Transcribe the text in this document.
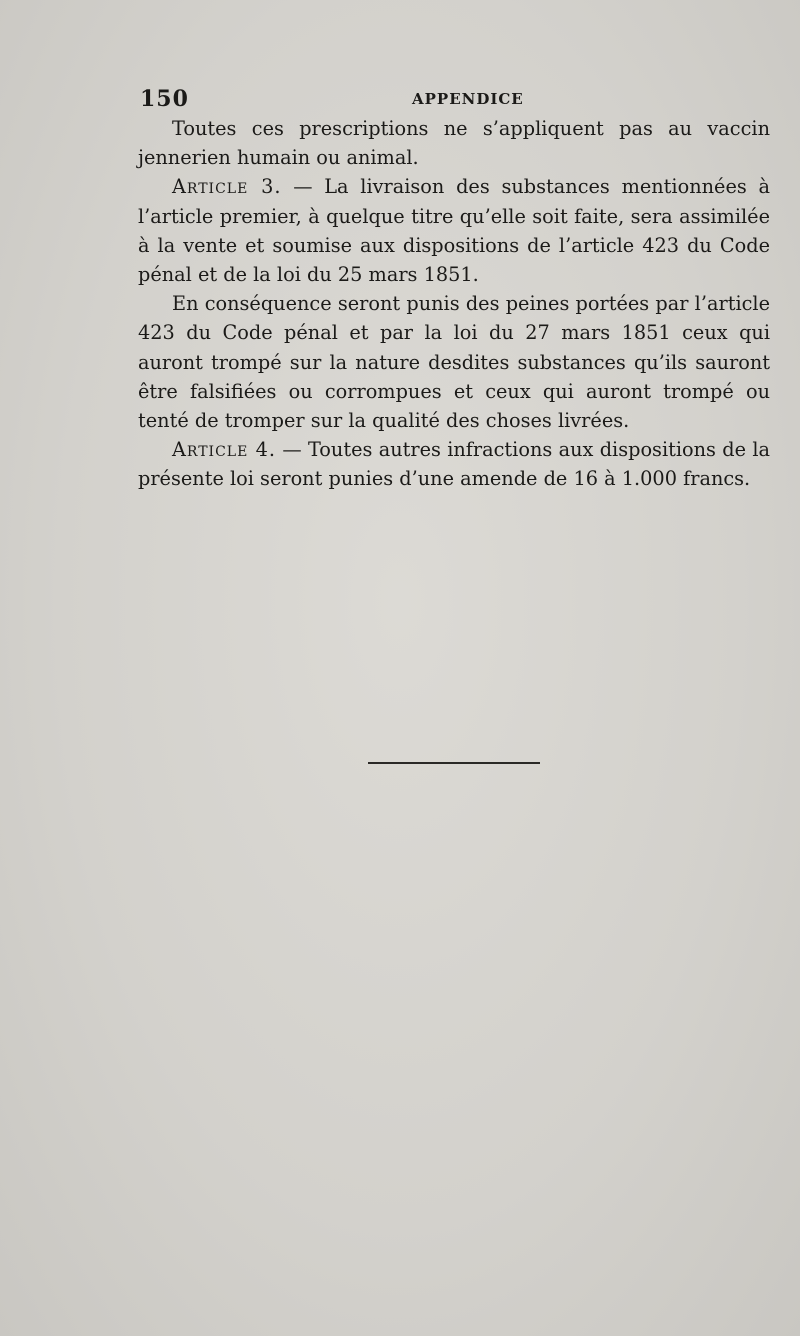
150	APPENDICE

Toutes ces prescriptions ne s’appliquent pas au vaccin jennerien humain ou animal.

Article 3. — La livraison des substances mentionnées à l’article premier, à quelque titre qu’elle soit faite, sera assimilée à la vente et soumise aux dispositions de l’article 423 du Code pénal et de la loi du 25 mars 1851.

En conséquence seront punis des peines portées par l’article 423 du Code pénal et par la loi du 27 mars 1851 ceux qui auront trompé sur la nature desdites substances qu’ils sauront être falsifiées ou corrompues et ceux qui auront trompé ou tenté de tromper sur la qualité des choses livrées.

Article 4. — Toutes autres infractions aux dispositions de la présente loi seront punies d’une amende de 16 à 1.000 francs.
